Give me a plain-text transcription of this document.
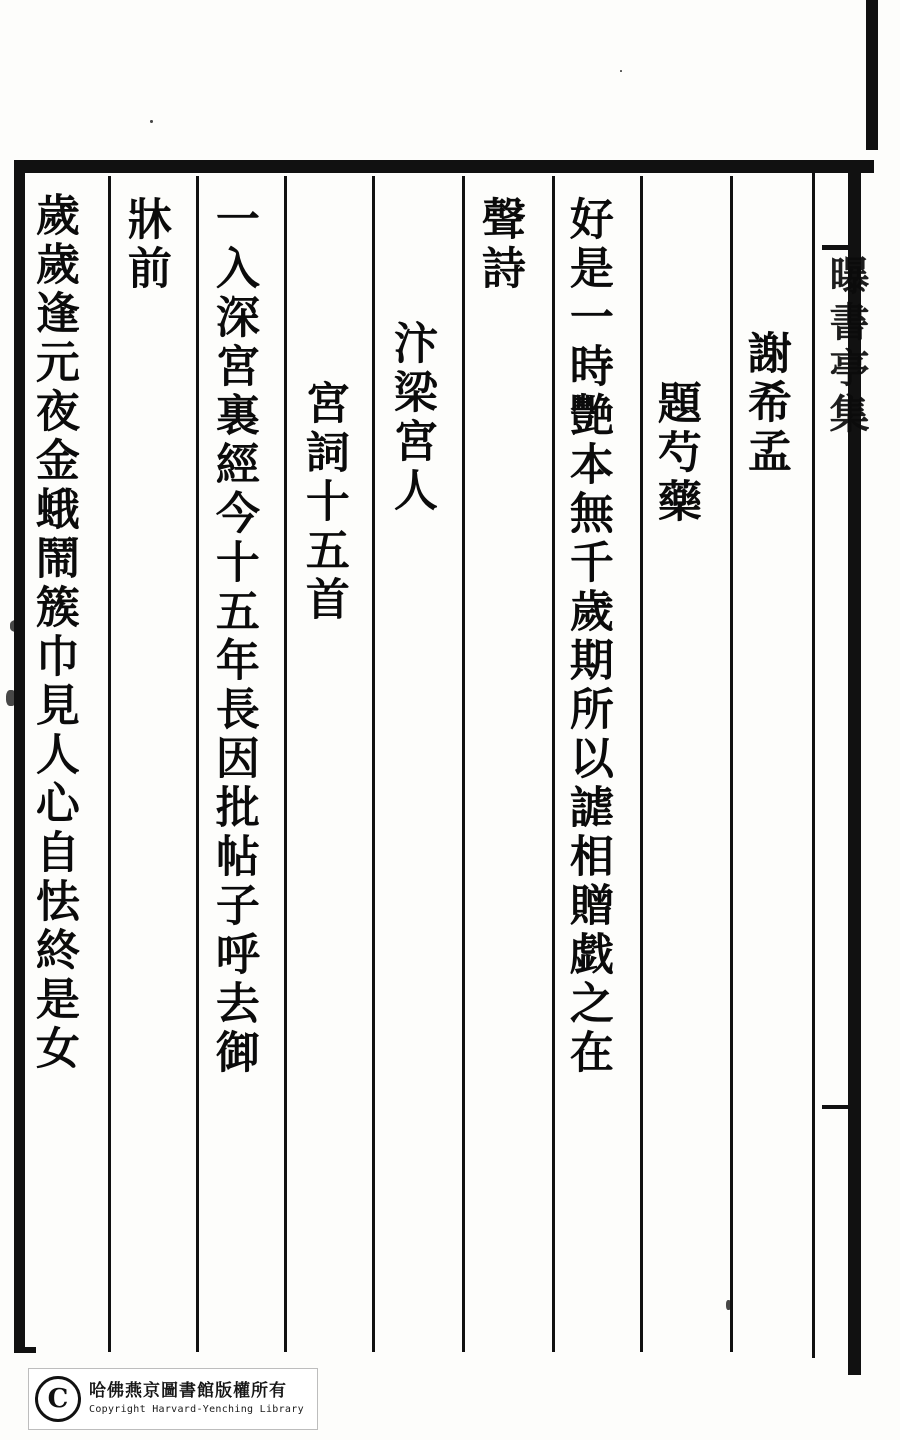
曝書亭集
謝希孟
題芍藥
好是一時艷本無千歲期所以謔相贈戯之在
聲詩
汴梁宮人
宮詞十五首
一入深宮裏經今十五年長因批帖子呼去御
牀前
歲歲逢元夜金蛾鬧簇巾見人心自怯終是女
C	哈佛燕京圖書館版權所有
Copyright Harvard-Yenching Library
